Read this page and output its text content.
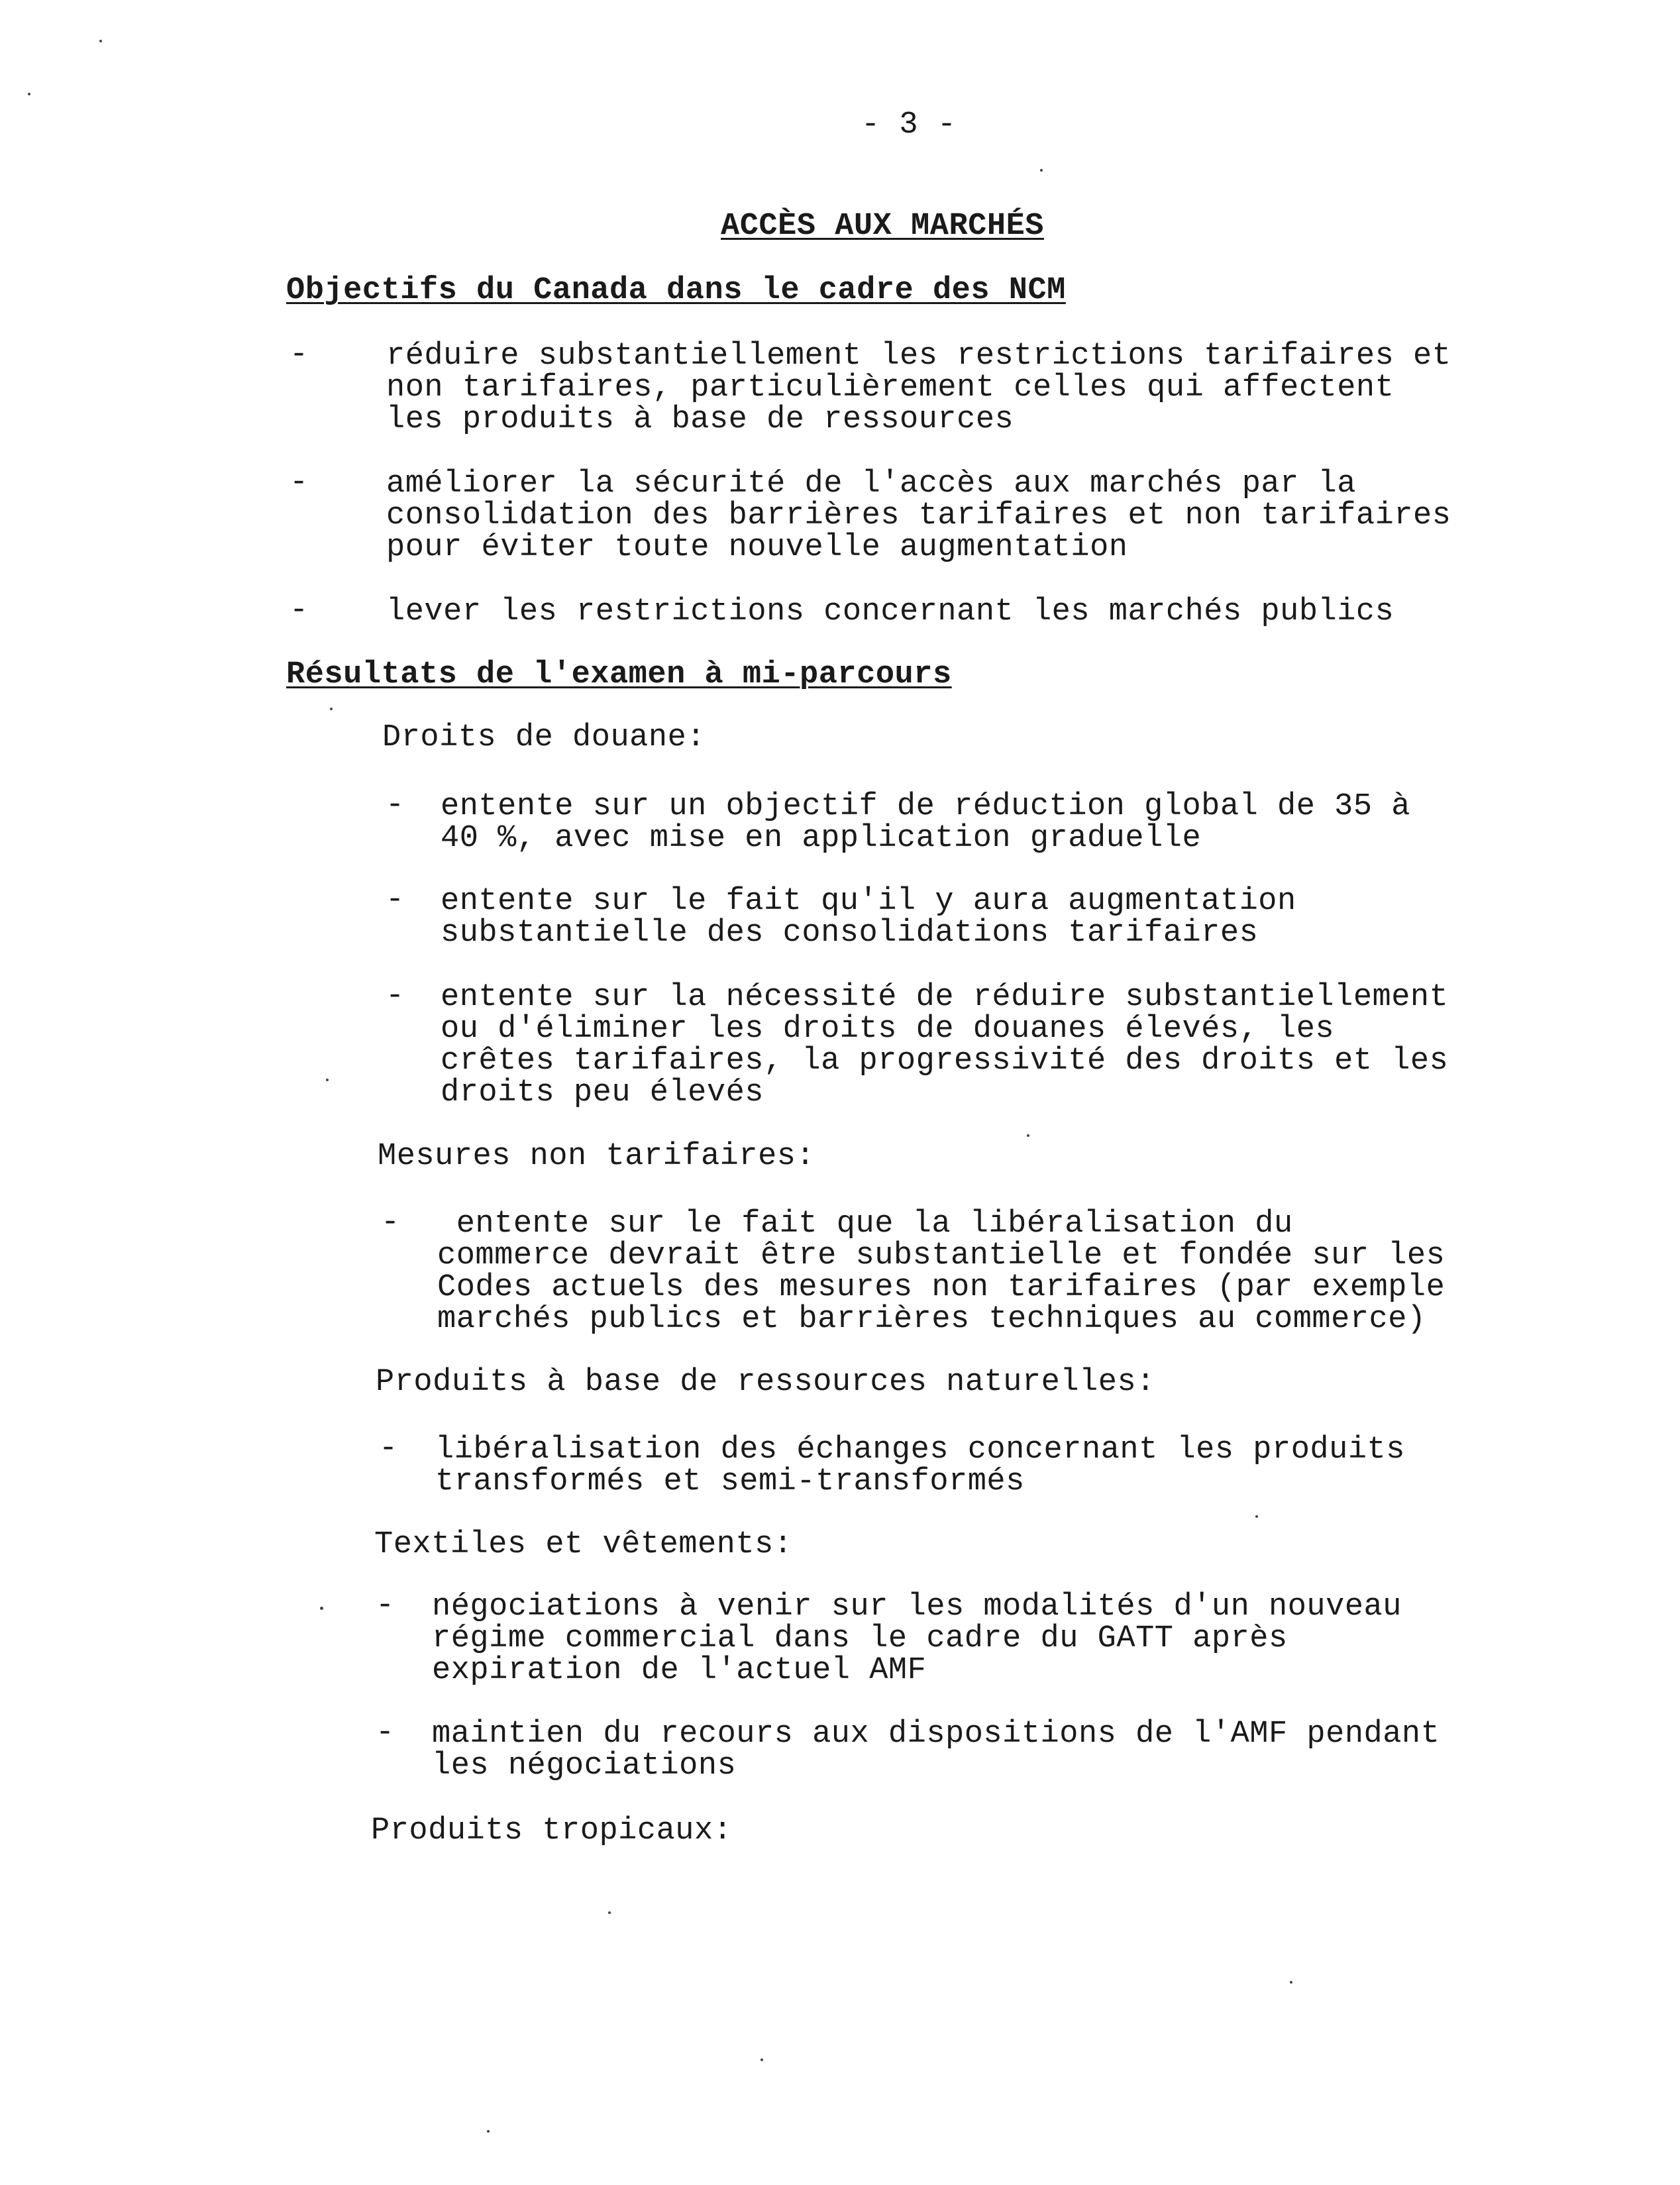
- 3 -
ACCÈS AUX MARCHÉS
Objectifs du Canada dans le cadre des NCM
-	réduire substantiellement les restrictions tarifaires et
non tarifaires, particulièrement celles qui affectent
les produits à base de ressources
-	améliorer la sécurité de l'accès aux marchés par la
consolidation des barrières tarifaires et non tarifaires
pour éviter toute nouvelle augmentation
-	lever les restrictions concernant les marchés publics
Résultats de l'examen à mi-parcours
Droits de douane:
- entente sur un objectif de réduction global de 35 à
40 %, avec mise en application graduelle
- entente sur le fait qu'il y aura augmentation
substantielle des consolidations tarifaires
- entente sur la nécessité de réduire substantiellement
ou d'éliminer les droits de douanes élevés, les
crêtes tarifaires, la progressivité des droits et les
droits peu élevés
Mesures non tarifaires:
- entente sur le fait que la libéralisation du
commerce devrait être substantielle et fondée sur les
Codes actuels des mesures non tarifaires (par exemple
marchés publics et barrières techniques au commerce)
Produits à base de ressources naturelles:
- libéralisation des échanges concernant les produits
transformés et semi-transformés
Textiles et vêtements:
- négociations à venir sur les modalités d'un nouveau
régime commercial dans le cadre du GATT après
expiration de l'actuel AMF
- maintien du recours aux dispositions de l'AMF pendant
les négociations
Produits tropicaux:
